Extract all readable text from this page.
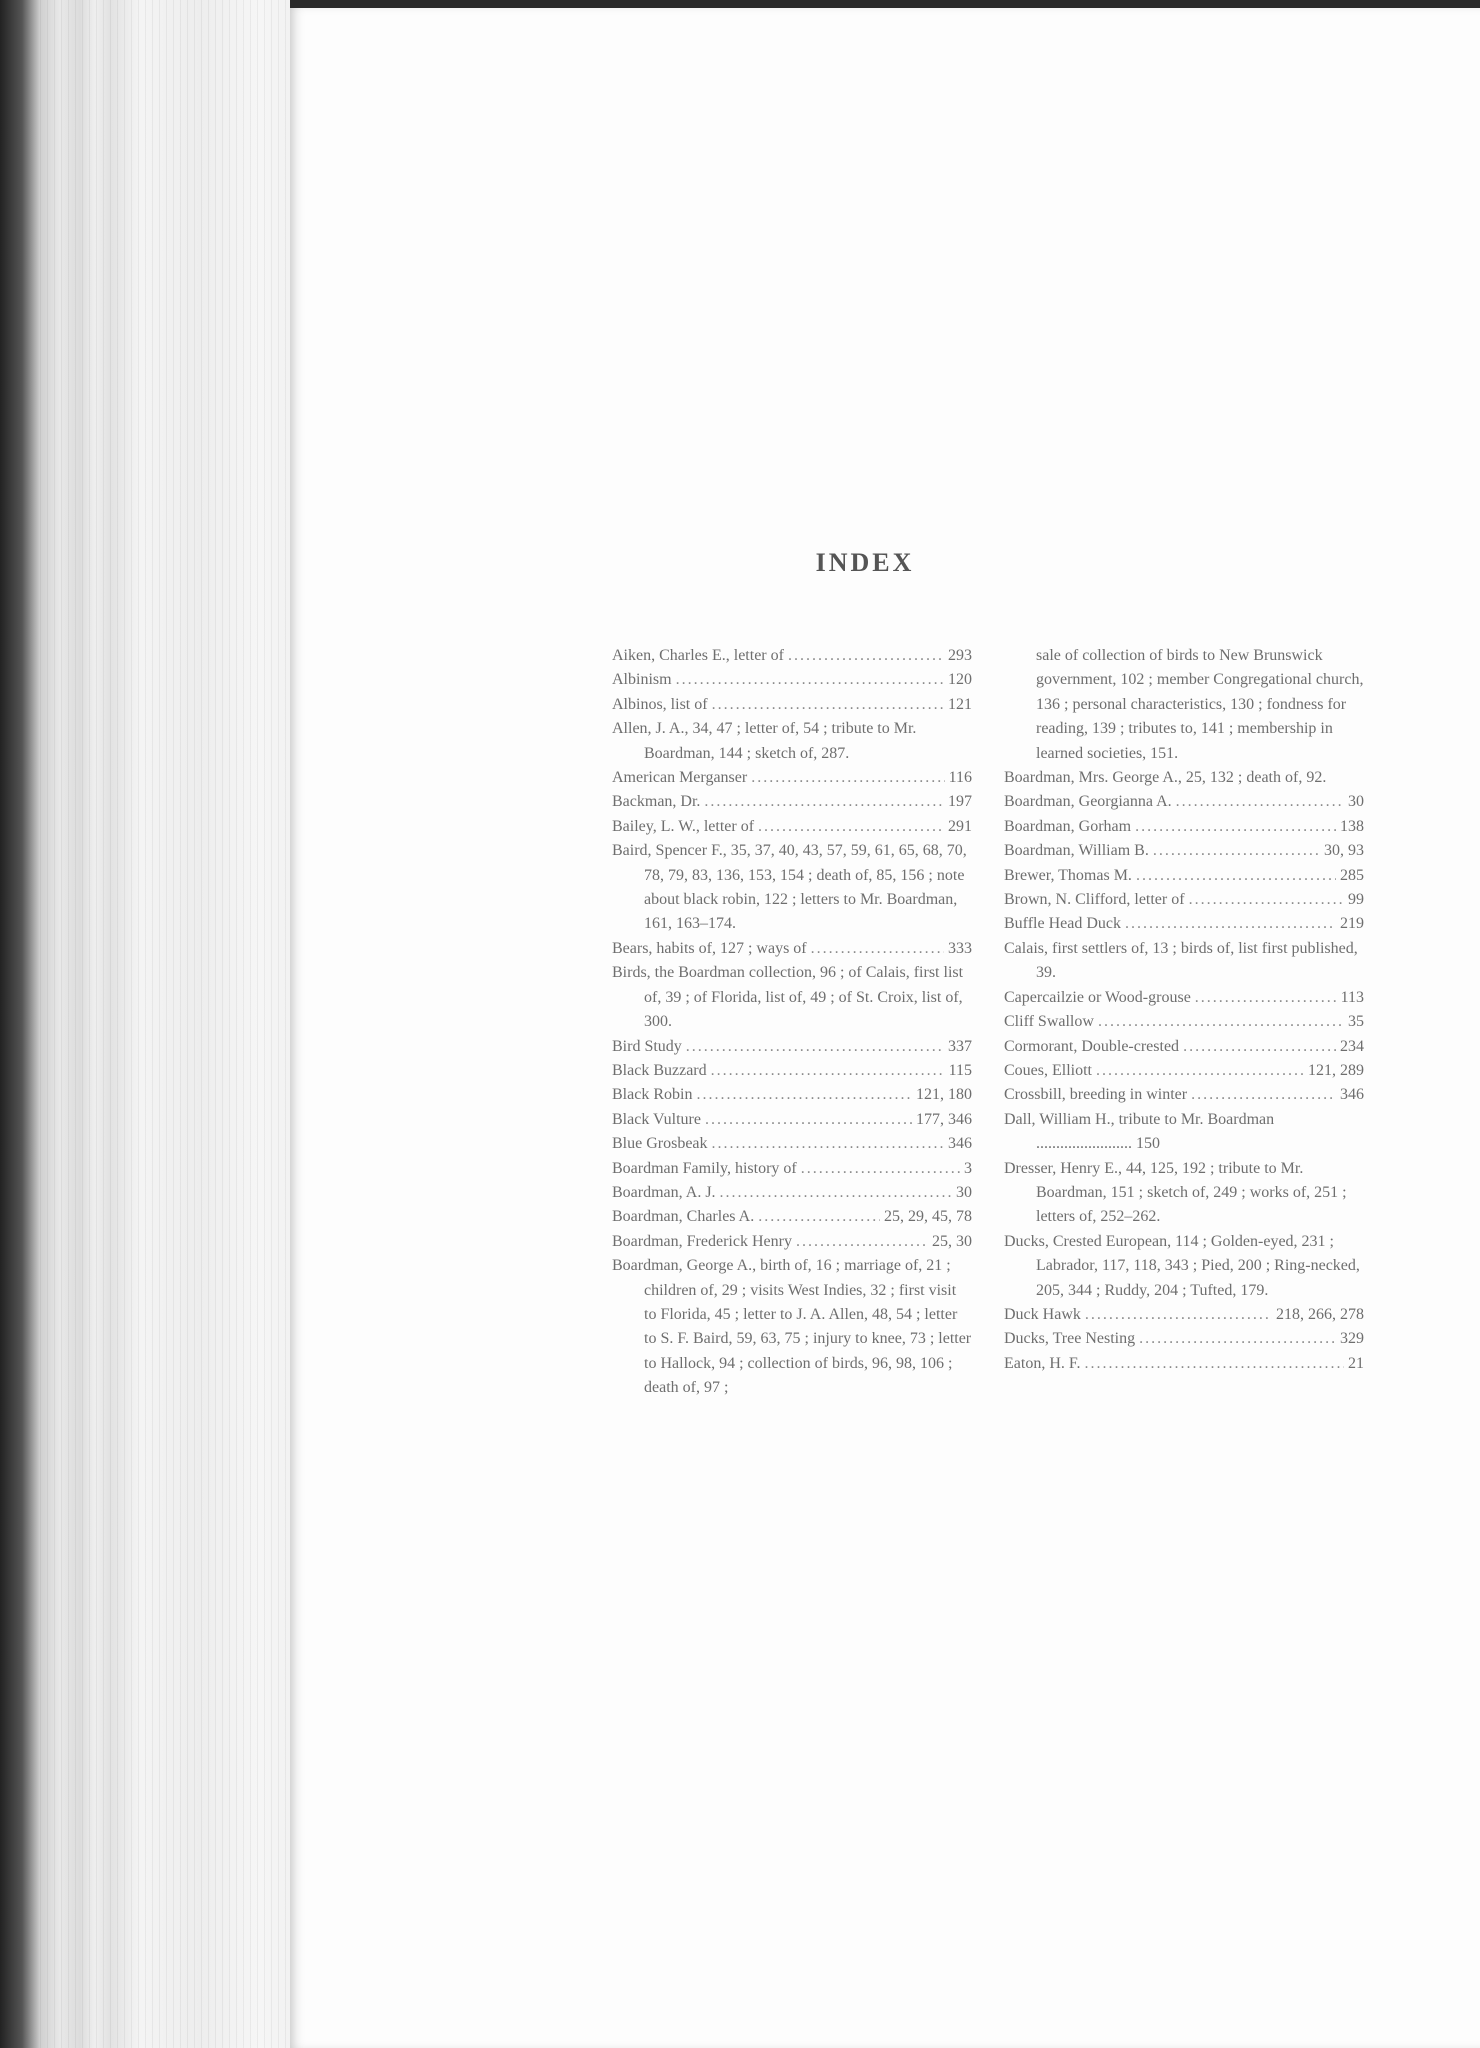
INDEX

Aiken, Charles E., letter of .....	293

Albinism .....	120

Albinos, list of .....	121

Allen, J. A., 34, 47 ; letter of, 54 ; tribute to Mr. Boardman, 144 ; sketch of, 287.

American Merganser .....	116

Backman, Dr. .....	197

Bailey, L. W., letter of .....	291

Baird, Spencer F., 35, 37, 40, 43, 57, 59, 61, 65, 68, 70, 78, 79, 83, 136, 153, 154 ; death of, 85, 156 ; note about black robin, 122 ; letters to Mr. Boardman, 161, 163–174.

Bears, habits of, 127 ; ways of .....	333

Birds, the Boardman collection, 96 ; of Calais, first list of, 39 ; of Florida, list of, 49 ; of St. Croix, list of, 300.

Bird Study .....	337

Black Buzzard .....	115

Black Robin .....	121, 180

Black Vulture .....	177, 346

Blue Grosbeak .....	346

Boardman Family, history of .....	3

Boardman, A. J. .....	30

Boardman, Charles A. .....	25, 29, 45, 78

Boardman, Frederick Henry .....	25, 30

Boardman, George A., birth of, 16 ; marriage of, 21 ; children of, 29 ; visits West Indies, 32 ; first visit to Florida, 45 ; letter to J. A. Allen, 48, 54 ; letter to S. F. Baird, 59, 63, 75 ; injury to knee, 73 ; letter to Hallock, 94 ; collection of birds, 96, 98, 106 ; death of, 97 ;

sale of collection of birds to New Brunswick government, 102 ; member Congregational church, 136 ; personal characteristics, 130 ; fondness for reading, 139 ; tributes to, 141 ; membership in learned societies, 151.

Boardman, Mrs. George A., 25, 132 ; death of, 92.

Boardman, Georgianna A. .....	30

Boardman, Gorham .....	138

Boardman, William B. .....	30, 93

Brewer, Thomas M. .....	285

Brown, N. Clifford, letter of .....	99

Buffle Head Duck .....	219

Calais, first settlers of, 13 ; birds of, list first published, 39.

Capercailzie or Wood-grouse .....	113

Cliff Swallow .....	35

Cormorant, Double-crested .....	234

Coues, Elliott .....	121, 289

Crossbill, breeding in winter .....	346

Dall, William H., tribute to Mr. Boardman ........................ 150

Dresser, Henry E., 44, 125, 192 ; tribute to Mr. Boardman, 151 ; sketch of, 249 ; works of, 251 ; letters of, 252–262.

Ducks, Crested European, 114 ; Golden-eyed, 231 ; Labrador, 117, 118, 343 ; Pied, 200 ; Ring-necked, 205, 344 ; Ruddy, 204 ; Tufted, 179.

Duck Hawk .....	218, 266, 278

Ducks, Tree Nesting .....	329

Eaton, H. F. .....	21
